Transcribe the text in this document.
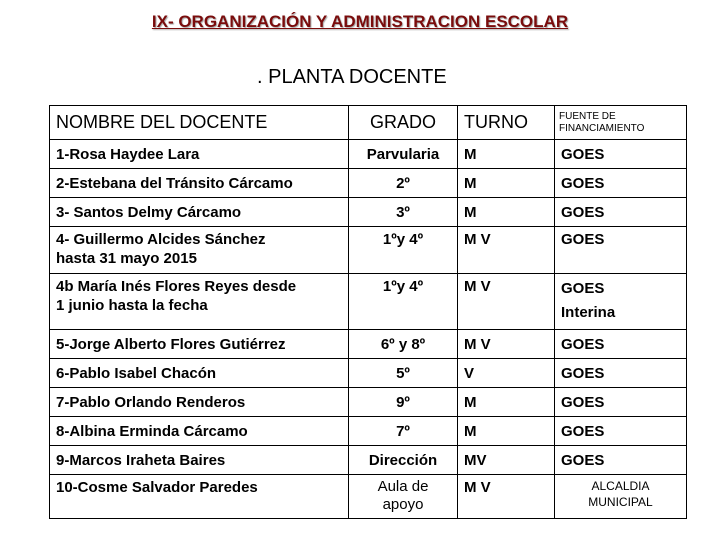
IX- ORGANIZACIÓN Y ADMINISTRACION ESCOLAR
. PLANTA DOCENTE
NOMBRE DEL DOCENTE	GRADO	TURNO	FUENTE DE
FINANCIAMIENTO

1-Rosa Haydee Lara	Parvularia	M	GOES
2-Estebana del Tránsito Cárcamo	2º	M	GOES
3- Santos Delmy Cárcamo	3º	M	GOES

4- Guillermo Alcides Sánchez
hasta 31 mayo 2015	1ºy 4º	M V	GOES

4b María Inés Flores Reyes desde
1 junio hasta la fecha	1ºy 4º	M V	GOES
Interina

5-Jorge Alberto Flores Gutiérrez	6º y 8º	M V	GOES
6-Pablo Isabel Chacón	5º	V	GOES
7-Pablo Orlando Renderos	9º	M	GOES
8-Albina Erminda Cárcamo	7º	M	GOES
9-Marcos Iraheta Baires	Dirección	MV	GOES
10-Cosme Salvador Paredes	Aula de
apoyo	M V	ALCALDIA
MUNICIPAL
